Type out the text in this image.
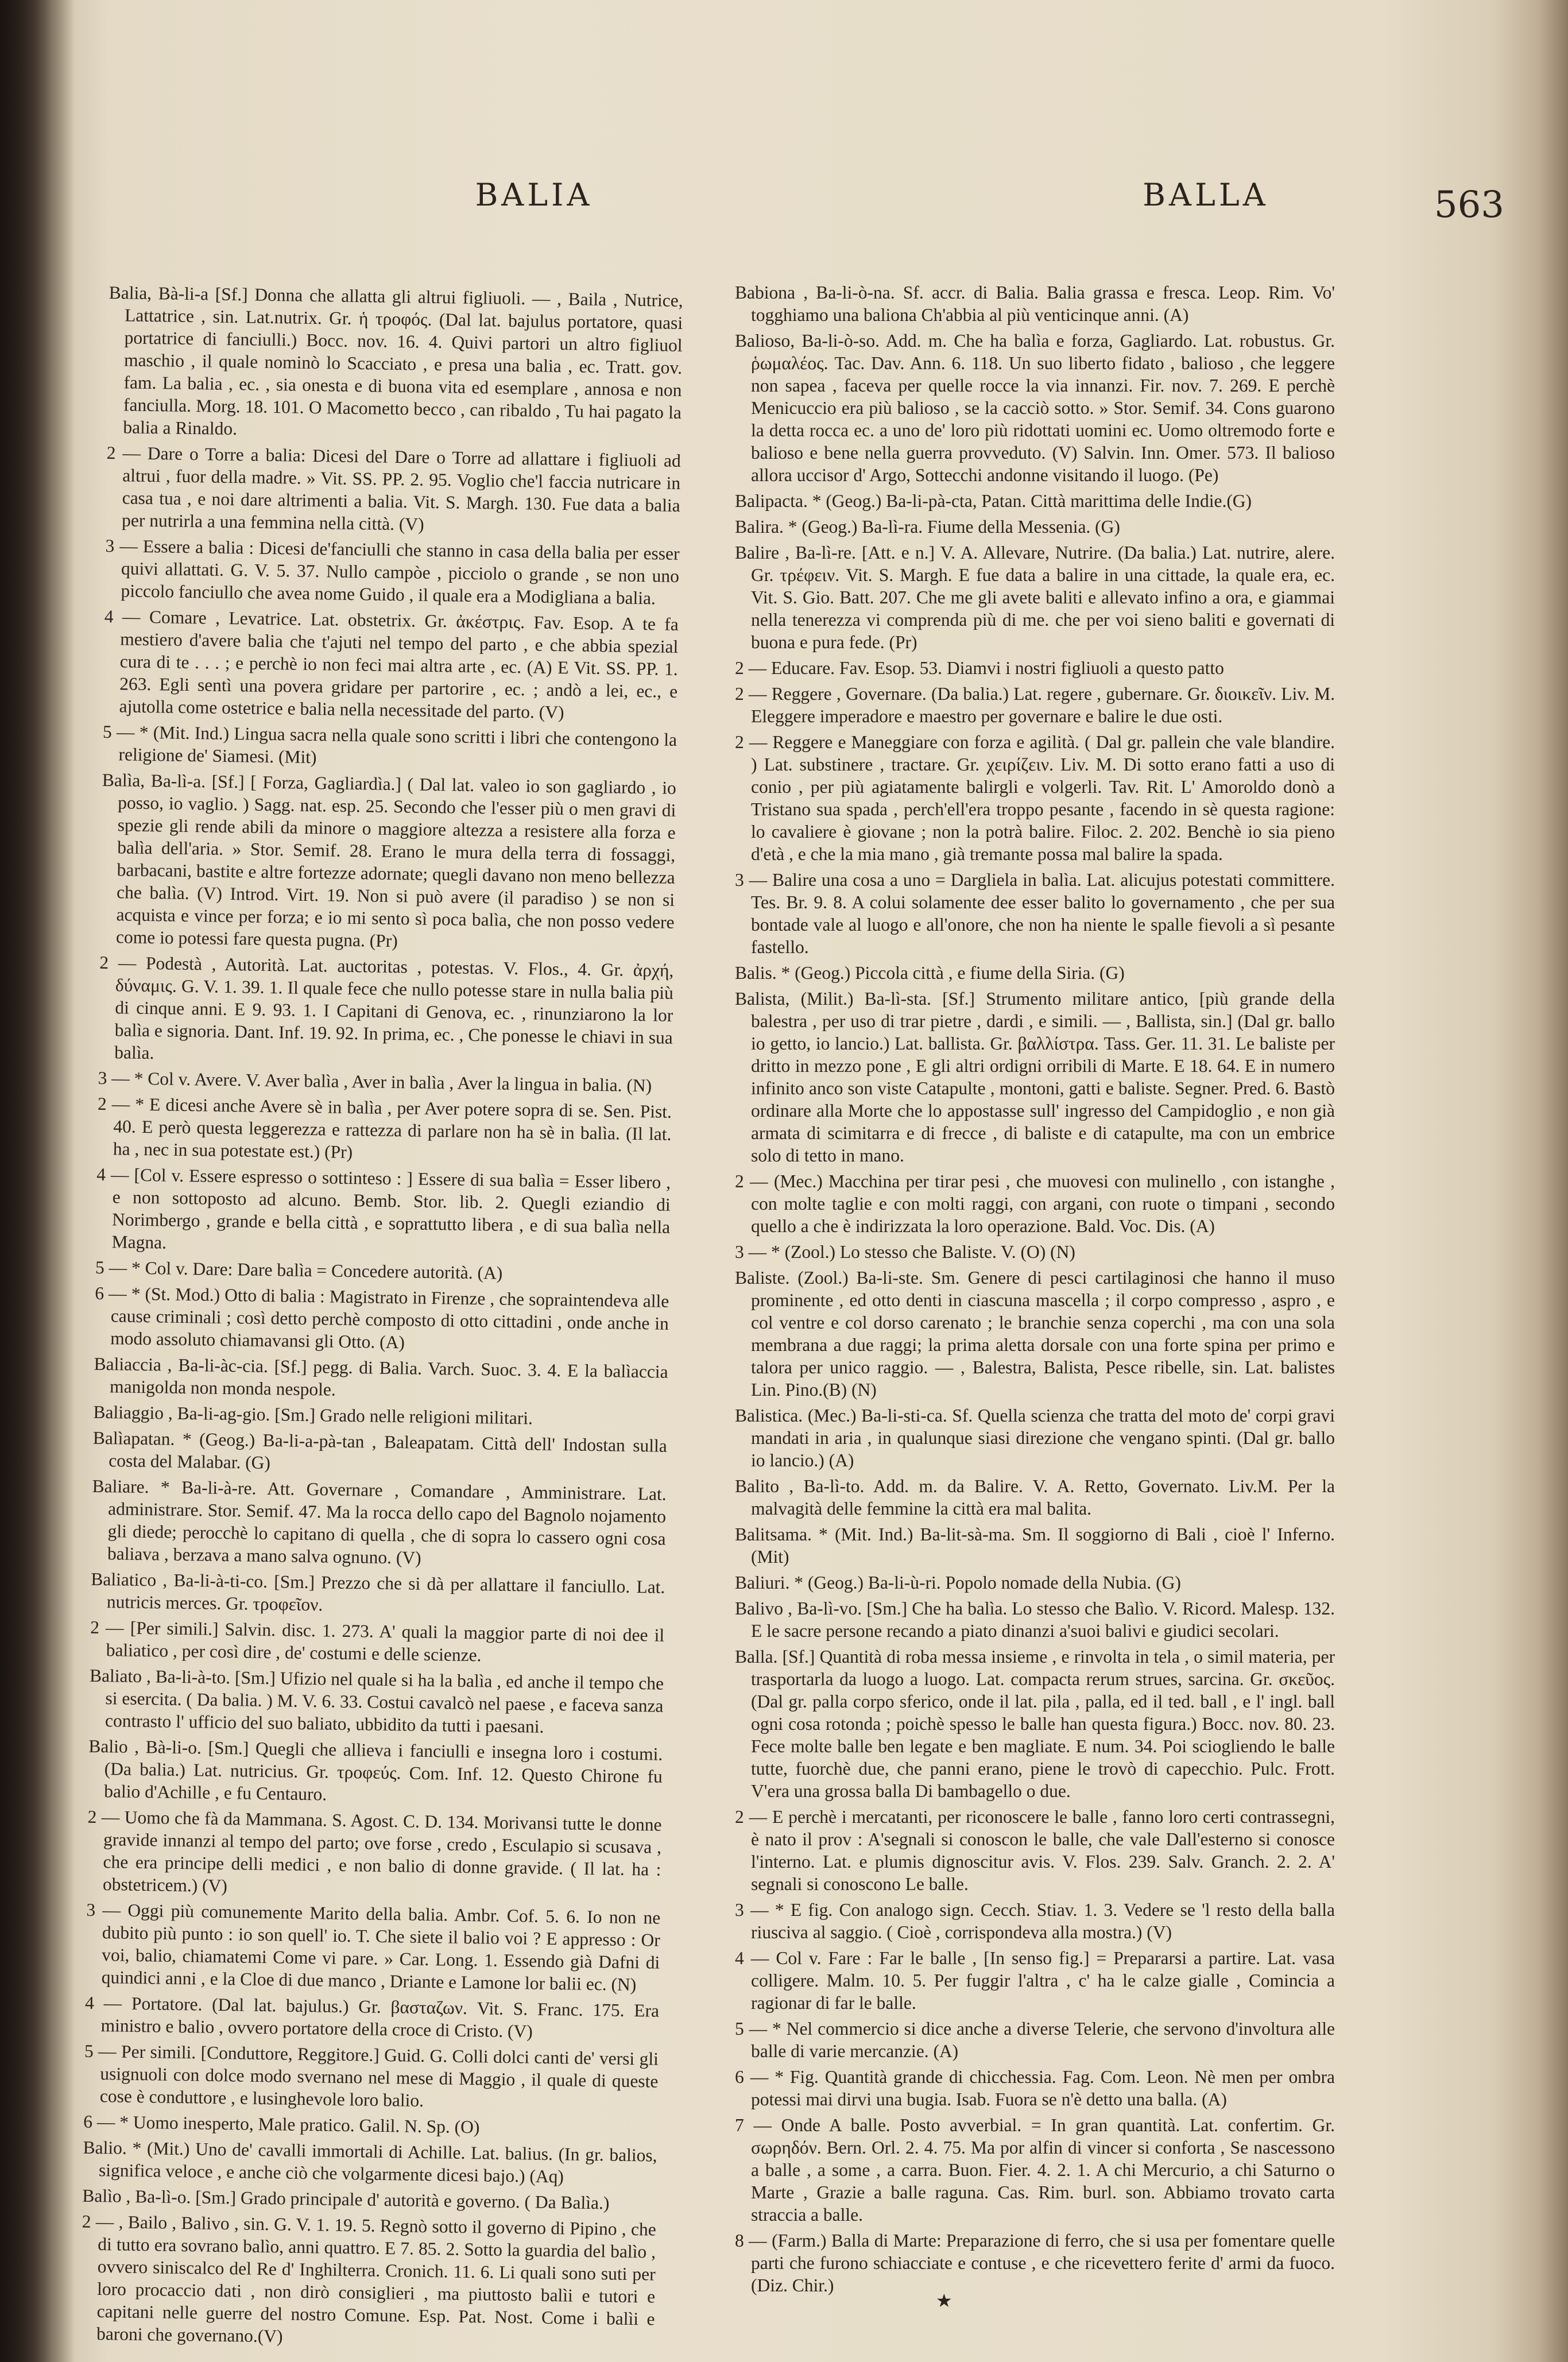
BALIA	BALLA	563

Balia, Bà-li-a [Sf.] Donna che allatta gli altrui figliuoli. — , Baila , Nutrice, Lattatrice , sin. Lat.nutrix. Gr. ἡ τροφός. (Dal lat. bajulus portatore, quasi portatrice di fanciulli.) Bocc. nov. 16. 4. Quivi partori un altro figliuol maschio , il quale nominò lo Scacciato , e presa una balia , ec. Tratt. gov. fam. La balia , ec. , sia onesta e di buona vita ed esemplare , annosa e non fanciulla. Morg. 18. 101. O Macometto becco , can ribaldo , Tu hai pagato la balia a Rinaldo.

2 — Dare o Torre a balia: Dicesi del Dare o Torre ad allattare i figliuoli ad altrui , fuor della madre. » Vit. SS. PP. 2. 95. Voglio che'l faccia nutricare in casa tua , e noi dare altrimenti a balia. Vit. S. Margh. 130. Fue data a balia per nutrirla a una femmina nella città. (V)

3 — Essere a balia : Dicesi de'fanciulli che stanno in casa della balia per esser quivi allattati. G. V. 5. 37. Nullo campòe , picciolo o grande , se non uno piccolo fanciullo che avea nome Guido , il quale era a Modigliana a balia.

4 — Comare , Levatrice. Lat. obstetrix. Gr. ἀκέστρις. Fav. Esop. A te fa mestiero d'avere balia che t'ajuti nel tempo del parto , e che abbia spezial cura di te . . . ; e perchè io non feci mai altra arte , ec. (A) E Vit. SS. PP. 1. 263. Egli sentì una povera gridare per partorire , ec. ; andò a lei, ec., e ajutolla come ostetrice e balia nella necessitade del parto. (V)

5 — * (Mit. Ind.) Lingua sacra nella quale sono scritti i libri che contengono la religione de' Siamesi. (Mit)

Balìa, Ba-lì-a. [Sf.] [ Forza, Gagliardìa.] ( Dal lat. valeo io son gagliardo , io posso, io vaglio. ) Sagg. nat. esp. 25. Secondo che l'esser più o men gravi di spezie gli rende abili da minore o maggiore altezza a resistere alla forza e balìa dell'aria. » Stor. Semif. 28. Erano le mura della terra di fossaggi, barbacani, bastite e altre fortezze adornate; quegli davano non meno bellezza che balìa. (V) Introd. Virt. 19. Non si può avere (il paradiso ) se non si acquista e vince per forza; e io mi sento sì poca balìa, che non posso vedere come io potessi fare questa pugna. (Pr)

2 — Podestà , Autorità. Lat. auctoritas , potestas. V. Flos., 4. Gr. ἀρχή, δύναμις. G. V. 1. 39. 1. Il quale fece che nullo potesse stare in nulla balia più di cinque anni. E 9. 93. 1. I Capitani di Genova, ec. , rinunziarono la lor balìa e signoria. Dant. Inf. 19. 92. In prima, ec. , Che ponesse le chiavi in sua balìa.

3 — * Col v. Avere. V. Aver balìa , Aver in balìa , Aver la lingua in balia. (N)

2 — * E dicesi anche Avere sè in balìa , per Aver potere sopra di se. Sen. Pist. 40. E però questa leggerezza e rattezza di parlare non ha sè in balìa. (Il lat. ha , nec in sua potestate est.) (Pr)

4 — [Col v. Essere espresso o sottinteso : ] Essere di sua balìa = Esser libero , e non sottoposto ad alcuno. Bemb. Stor. lib. 2. Quegli eziandio di Norimbergo , grande e bella città , e soprattutto libera , e di sua balìa nella Magna.

5 — * Col v. Dare: Dare balìa = Concedere autorità. (A)

6 — * (St. Mod.) Otto di balia : Magistrato in Firenze , che sopraintendeva alle cause criminali ; così detto perchè composto di otto cittadini , onde anche in modo assoluto chiamavansi gli Otto. (A)

Baliaccia , Ba-li-àc-cia. [Sf.] pegg. di Balia. Varch. Suoc. 3. 4. E la balìaccia manigolda non monda nespole.

Baliaggio , Ba-li-ag-gio. [Sm.] Grado nelle religioni militari.

Balìapatan. * (Geog.) Ba-li-a-pà-tan , Baleapatam. Città dell' Indostan sulla costa del Malabar. (G)

Baliare. * Ba-li-à-re. Att. Governare , Comandare , Amministrare. Lat. administrare. Stor. Semif. 47. Ma la rocca dello capo del Bagnolo nojamento gli diede; perocchè lo capitano di quella , che di sopra lo cassero ogni cosa baliava , berzava a mano salva ognuno. (V)

Baliatico , Ba-li-à-ti-co. [Sm.] Prezzo che si dà per allattare il fanciullo. Lat. nutricis merces. Gr. τροφεῖον.

2 — [Per simili.] Salvin. disc. 1. 273. A' quali la maggior parte di noi dee il baliatico , per così dire , de' costumi e delle scienze.

Baliato , Ba-li-à-to. [Sm.] Ufizio nel quale si ha la balìa , ed anche il tempo che si esercita. ( Da balia. ) M. V. 6. 33. Costui cavalcò nel paese , e faceva sanza contrasto l' ufficio del suo baliato, ubbidito da tutti i paesani.

Balio , Bà-li-o. [Sm.] Quegli che allieva i fanciulli e insegna loro i costumi. (Da balia.) Lat. nutricius. Gr. τροφεύς. Com. Inf. 12. Questo Chirone fu balio d'Achille , e fu Centauro.

2 — Uomo che fà da Mammana. S. Agost. C. D. 134. Morivansi tutte le donne gravide innanzi al tempo del parto; ove forse , credo , Esculapio si scusava , che era principe delli medici , e non balio di donne gravide. ( Il lat. ha : obstetricem.) (V)

3 — Oggi più comunemente Marito della balia. Ambr. Cof. 5. 6. Io non ne dubito più punto : io son quell' io. T. Che siete il balio voi ? E appresso : Or voi, balio, chiamatemi Come vi pare. » Car. Long. 1. Essendo già Dafni di quindici anni , e la Cloe di due manco , Driante e Lamone lor balii ec. (N)

4 — Portatore. (Dal lat. bajulus.) Gr. βασταζων. Vit. S. Franc. 175. Era ministro e balio , ovvero portatore della croce di Cristo. (V)

5 — Per simili. [Conduttore, Reggitore.] Guid. G. Colli dolci canti de' versi gli usignuoli con dolce modo svernano nel mese di Maggio , il quale di queste cose è conduttore , e lusinghevole loro balio.

6 — * Uomo inesperto, Male pratico. Galil. N. Sp. (O)

Balio. * (Mit.) Uno de' cavalli immortali di Achille. Lat. balius. (In gr. balios, significa veloce , e anche ciò che volgarmente dicesi bajo.) (Aq)

Balìo , Ba-lì-o. [Sm.] Grado principale d' autorità e governo. ( Da Balìa.)

2 — , Bailo , Balivo , sin. G. V. 1. 19. 5. Regnò sotto il governo di Pipino , che di tutto era sovrano balìo, anni quattro. E 7. 85. 2. Sotto la guardia del balìo , ovvero siniscalco del Re d' Inghilterra. Cronich. 11. 6. Li quali sono suti per loro procaccio dati , non dirò consiglieri , ma piuttosto balìi e tutori e capitani nelle guerre del nostro Comune. Esp. Pat. Nost. Come i balìi e baroni che governano.(V)

Babiona , Ba-li-ò-na. Sf. accr. di Balia. Balia grassa e fresca. Leop. Rim. Vo' togghiamo una baliona Ch'abbia al più venticinque anni. (A)

Balioso, Ba-li-ò-so. Add. m. Che ha balìa e forza, Gagliardo. Lat. robustus. Gr. ῥωμαλέος. Tac. Dav. Ann. 6. 118. Un suo liberto fidato , balioso , che leggere non sapea , faceva per quelle rocce la via innanzi. Fir. nov. 7. 269. E perchè Menicuccio era più balioso , se la cacciò sotto. » Stor. Semif. 34. Cons guarono la detta rocca ec. a uno de' loro più ridottati uomini ec. Uomo oltremodo forte e balioso e bene nella guerra provveduto. (V) Salvin. Inn. Omer. 573. Il balioso allora uccisor d' Argo, Sottecchi andonne visitando il luogo. (Pe)

Balipacta. * (Geog.) Ba-li-pà-cta, Patan. Città marittima delle Indie.(G)

Balira. * (Geog.) Ba-lì-ra. Fiume della Messenia. (G)

Balire , Ba-lì-re. [Att. e n.] V. A. Allevare, Nutrire. (Da balia.) Lat. nutrire, alere. Gr. τρέφειν. Vit. S. Margh. E fue data a balire in una cittade, la quale era, ec. Vit. S. Gio. Batt. 207. Che me gli avete baliti e allevato infino a ora, e giammai nella tenerezza vi comprenda più di me. che per voi sieno baliti e governati di buona e pura fede. (Pr)

2 — Educare. Fav. Esop. 53. Diamvi i nostri figliuoli a questo patto

2 — Reggere , Governare. (Da balia.) Lat. regere , gubernare. Gr. διοικεῖν. Liv. M. Eleggere imperadore e maestro per governare e balire le due osti.

2 — Reggere e Maneggiare con forza e agilità. ( Dal gr. pallein che vale blandire. ) Lat. substinere , tractare. Gr. χειρίζειν. Liv. M. Di sotto erano fatti a uso di conio , per più agiatamente balirgli e volgerli. Tav. Rit. L' Amoroldo donò a Tristano sua spada , perch'ell'era troppo pesante , facendo in sè questa ragione: lo cavaliere è giovane ; non la potrà balire. Filoc. 2. 202. Benchè io sia pieno d'età , e che la mia mano , già tremante possa mal balire la spada.

3 — Balire una cosa a uno = Dargliela in balìa. Lat. alicujus potestati committere. Tes. Br. 9. 8. A colui solamente dee esser balito lo governamento , che per sua bontade vale al luogo e all'onore, che non ha niente le spalle fievoli a sì pesante fastello.

Balis. * (Geog.) Piccola città , e fiume della Siria. (G)

Balista, (Milit.) Ba-lì-sta. [Sf.] Strumento militare antico, [più grande della balestra , per uso di trar pietre , dardi , e simili. — , Ballista, sin.] (Dal gr. ballo io getto, io lancio.) Lat. ballista. Gr. βαλλίστρα. Tass. Ger. 11. 31. Le baliste per dritto in mezzo pone , E gli altri ordigni orribili di Marte. E 18. 64. E in numero infinito anco son viste Catapulte , montoni, gatti e baliste. Segner. Pred. 6. Bastò ordinare alla Morte che lo appostasse sull' ingresso del Campidoglio , e non già armata di scimitarra e di frecce , di baliste e di catapulte, ma con un embrice solo di tetto in mano.

2 — (Mec.) Macchina per tirar pesi , che muovesi con mulinello , con istanghe , con molte taglie e con molti raggi, con argani, con ruote o timpani , secondo quello a che è indirizzata la loro operazione. Bald. Voc. Dis. (A)

3 — * (Zool.) Lo stesso che Baliste. V. (O) (N)

Baliste. (Zool.) Ba-li-ste. Sm. Genere di pesci cartilaginosi che hanno il muso prominente , ed otto denti in ciascuna mascella ; il corpo compresso , aspro , e col ventre e col dorso carenato ; le branchie senza coperchi , ma con una sola membrana a due raggi; la prima aletta dorsale con una forte spina per primo e talora per unico raggio. — , Balestra, Balista, Pesce ribelle, sin. Lat. balistes Lin. Pino.(B) (N)

Balistica. (Mec.) Ba-li-sti-ca. Sf. Quella scienza che tratta del moto de' corpi gravi mandati in aria , in qualunque siasi direzione che vengano spinti. (Dal gr. ballo io lancio.) (A)

Balito , Ba-lì-to. Add. m. da Balire. V. A. Retto, Governato. Liv.M. Per la malvagità delle femmine la città era mal balita.

Balitsama. * (Mit. Ind.) Ba-lit-sà-ma. Sm. Il soggiorno di Bali , cioè l' Inferno. (Mit)

Baliuri. * (Geog.) Ba-li-ù-ri. Popolo nomade della Nubia. (G)

Balivo , Ba-lì-vo. [Sm.] Che ha balìa. Lo stesso che Balìo. V. Ricord. Malesp. 132. E le sacre persone recando a piato dinanzi a'suoi balivi e giudici secolari.

Balla. [Sf.] Quantità di roba messa insieme , e rinvolta in tela , o simil materia, per trasportarla da luogo a luogo. Lat. compacta rerum strues, sarcina. Gr. σκεῦος. (Dal gr. palla corpo sferico, onde il lat. pila , palla, ed il ted. ball , e l' ingl. ball ogni cosa rotonda ; poichè spesso le balle han questa figura.) Bocc. nov. 80. 23. Fece molte balle ben legate e ben magliate. E num. 34. Poi sciogliendo le balle tutte, fuorchè due, che panni erano, piene le trovò di capecchio. Pulc. Frott. V'era una grossa balla Di bambagello o due.

2 — E perchè i mercatanti, per riconoscere le balle , fanno loro certi contrassegni, è nato il prov : A'segnali si conoscon le balle, che vale Dall'esterno si conosce l'interno. Lat. e plumis dignoscitur avis. V. Flos. 239. Salv. Granch. 2. 2. A' segnali si conoscono Le balle.

3 — * E fig. Con analogo sign. Cecch. Stiav. 1. 3. Vedere se 'l resto della balla riusciva al saggio. ( Cioè , corrispondeva alla mostra.) (V)

4 — Col v. Fare : Far le balle , [In senso fig.] = Prepararsi a partire. Lat. vasa colligere. Malm. 10. 5. Per fuggir l'altra , c' ha le calze gialle , Comincia a ragionar di far le balle.

5 — * Nel commercio si dice anche a diverse Telerie, che servono d'involtura alle balle di varie mercanzie. (A)

6 — * Fig. Quantità grande di chicchessia. Fag. Com. Leon. Nè men per ombra potessi mai dirvi una bugia. Isab. Fuora se n'è detto una balla. (A)

7 — Onde A balle. Posto avverbial. = In gran quantità. Lat. confertim. Gr. σωρηδόν. Bern. Orl. 2. 4. 75. Ma por alfin di vincer si conforta , Se nascessono a balle , a some , a carra. Buon. Fier. 4. 2. 1. A chi Mercurio, a chi Saturno o Marte , Grazie a balle ragunа. Cas. Rim. burl. son. Abbiamo trovato carta straccia a balle.

8 — (Farm.) Balla di Marte: Preparazione di ferro, che si usa per fomentare quelle parti che furono schiacciate e contuse , e che ricevettero ferite d' armi da fuoco. (Diz. Chir.)

★
